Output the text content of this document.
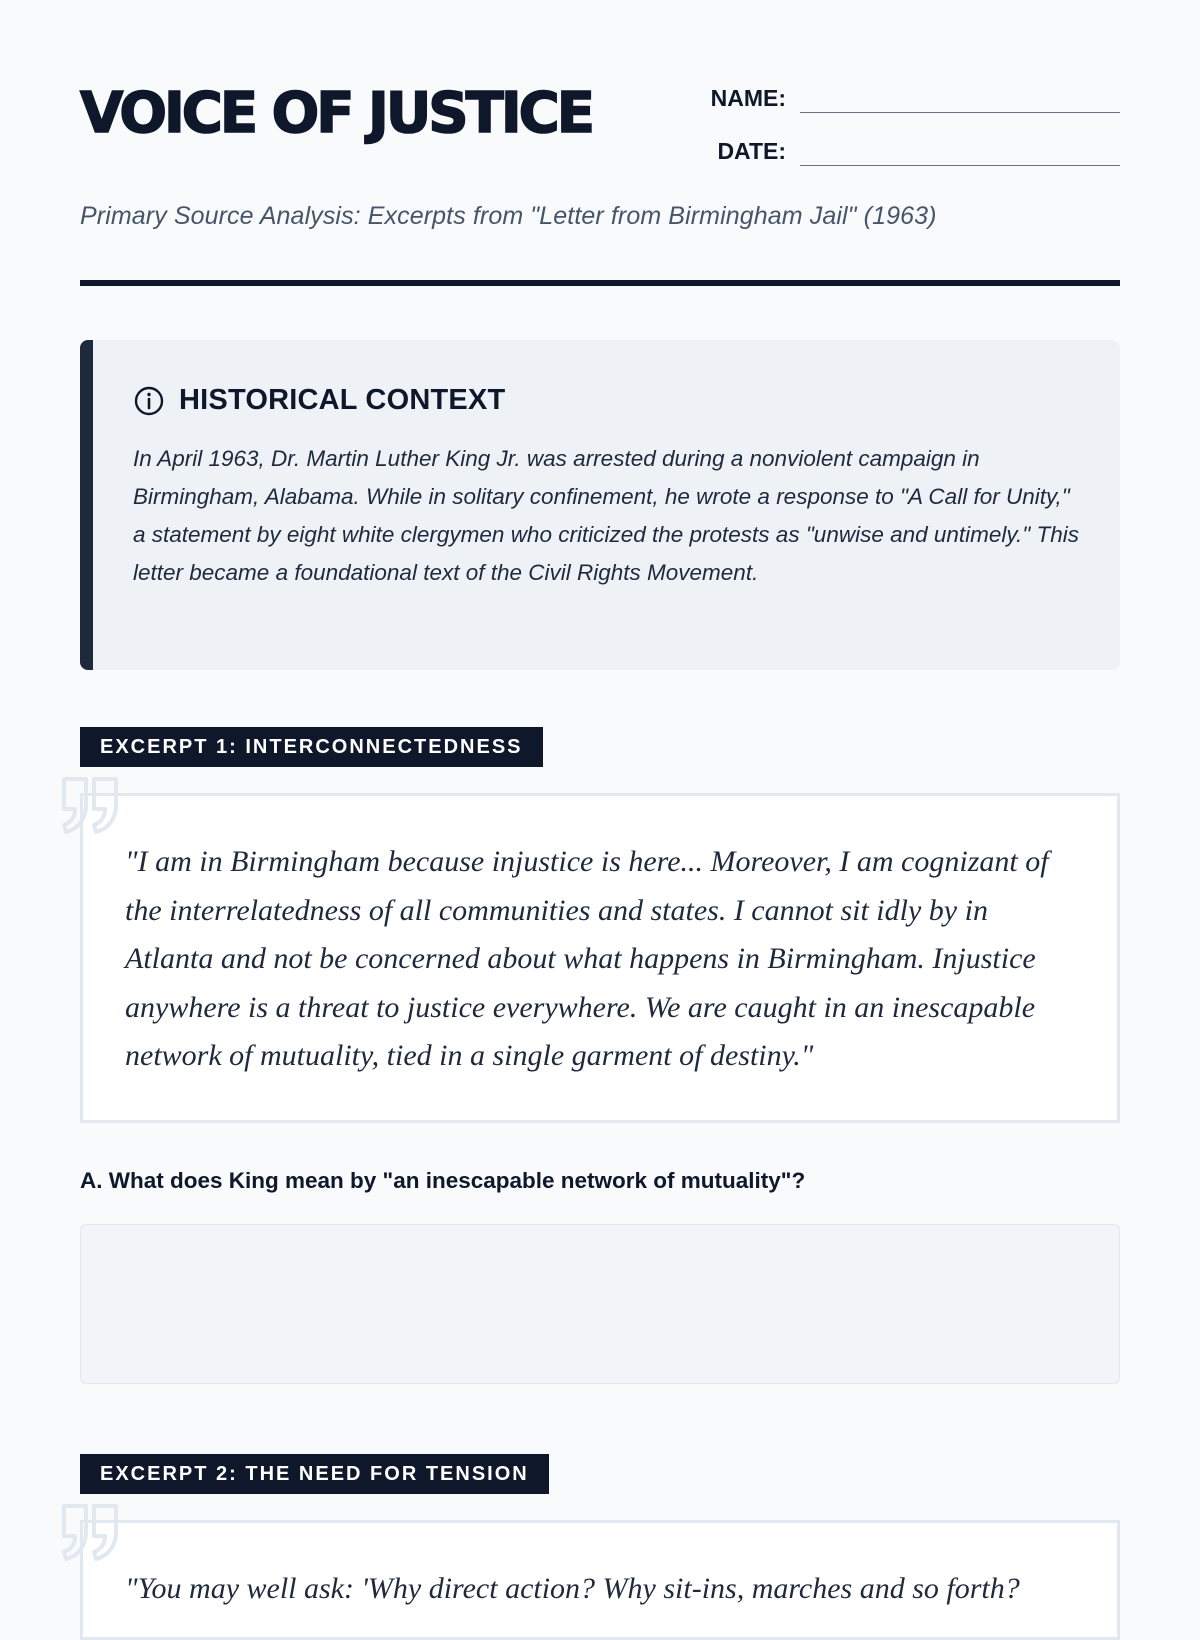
VOICE OF JUSTICE	NAME:
DATE:
Primary Source Analysis: Excerpts from "Letter from Birmingham Jail" (1963)
HISTORICAL CONTEXT
In April 1963, Dr. Martin Luther King Jr. was arrested during a nonviolent campaign in Birmingham, Alabama. While in solitary confinement, he wrote a response to "A Call for Unity," a statement by eight white clergymen who criticized the protests as "unwise and untimely." This letter became a foundational text of the Civil Rights Movement.
EXCERPT 1: INTERCONNECTEDNESS
"I am in Birmingham because injustice is here... Moreover, I am cognizant of the interrelatedness of all communities and states. I cannot sit idly by in Atlanta and not be concerned about what happens in Birmingham. Injustice anywhere is a threat to justice everywhere. We are caught in an inescapable network of mutuality, tied in a single garment of destiny."
A. What does King mean by "an inescapable network of mutuality"?
EXCERPT 2: THE NEED FOR TENSION
"You may well ask: 'Why direct action? Why sit-ins, marches and so forth?
